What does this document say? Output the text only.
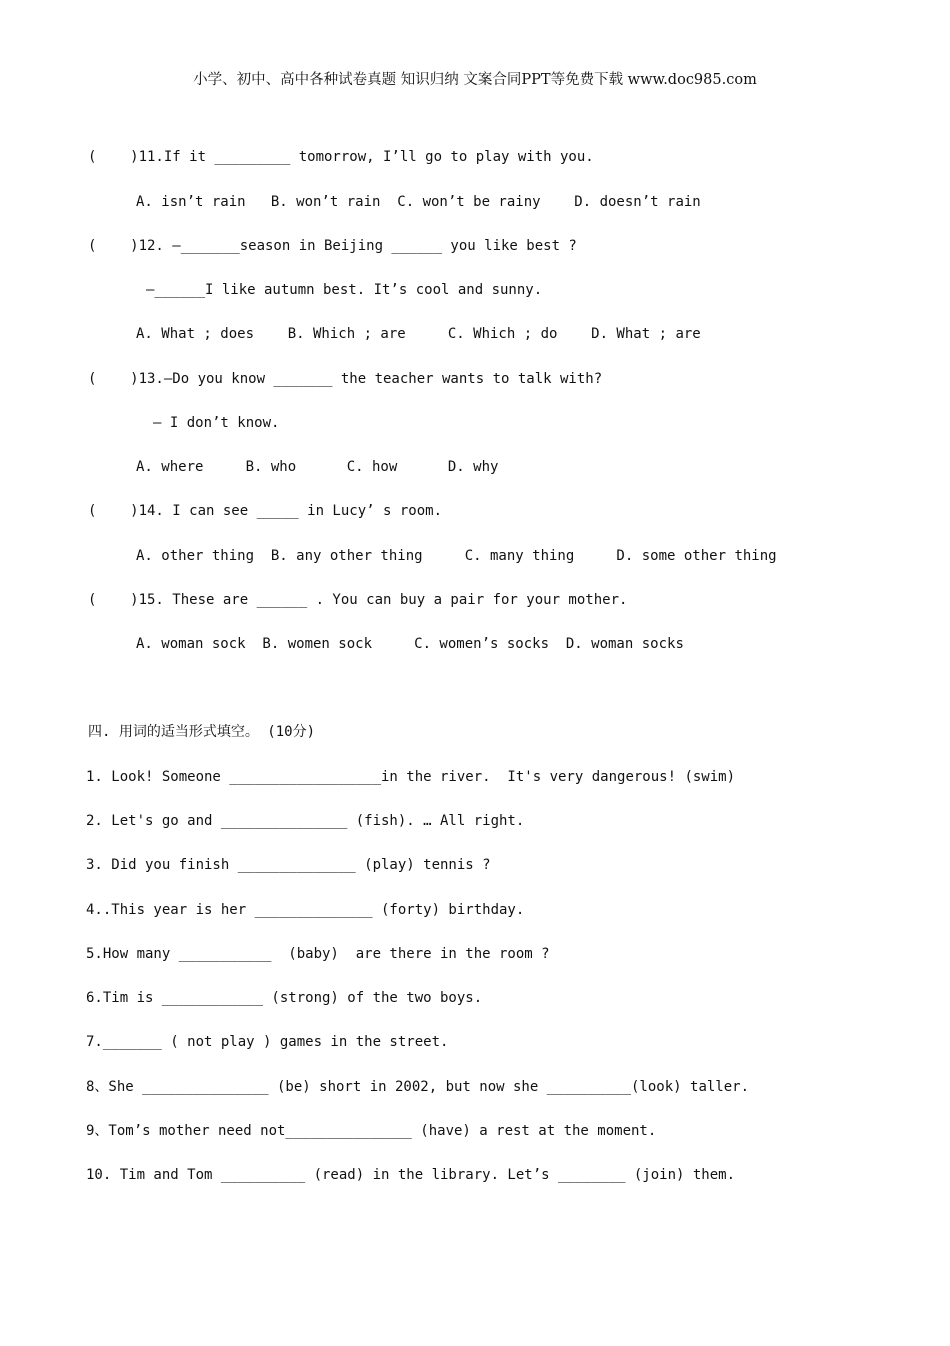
小学、初中、高中各种试卷真题 知识归纳 文案合同PPT等免费下载 www.doc985.com
(    )11.If it _________ tomorrow, I’ll go to play with you.
A. isn’t rain   B. won’t rain  C. won’t be rainy    D. doesn’t rain
(    )12. —_______season in Beijing ______ you like best ?
—______I like autumn best. It’s cool and sunny.
A. What ; does    B. Which ; are     C. Which ; do    D. What ; are
(    )13.—Do you know _______ the teacher wants to talk with?
— I don’t know.
A. where     B. who      C. how      D. why
(    )14. I can see _____ in Lucy’ s room.
A. other thing  B. any other thing     C. many thing     D. some other thing
(    )15. These are ______ . You can buy a pair for your mother.
A. woman sock  B. women sock     C. women’s socks  D. woman socks
四. 用词的适当形式填空。 (10分)
1. Look! Someone __________________in the river.  It's very dangerous! (swim)
2. Let's go and _______________ (fish). … All right.
3. Did you finish ______________ (play) tennis ?
4..This year is her ______________ (forty) birthday.
5.How many ___________  (baby)  are there in the room ?
6.Tim is ____________ (strong) of the two boys.
7._______ ( not play ) games in the street.
8、She _______________ (be) short in 2002, but now she __________(look) taller.
9、Tom’s mother need not_______________ (have) a rest at the moment.
10. Tim and Tom __________ (read) in the library. Let’s ________ (join) them.
